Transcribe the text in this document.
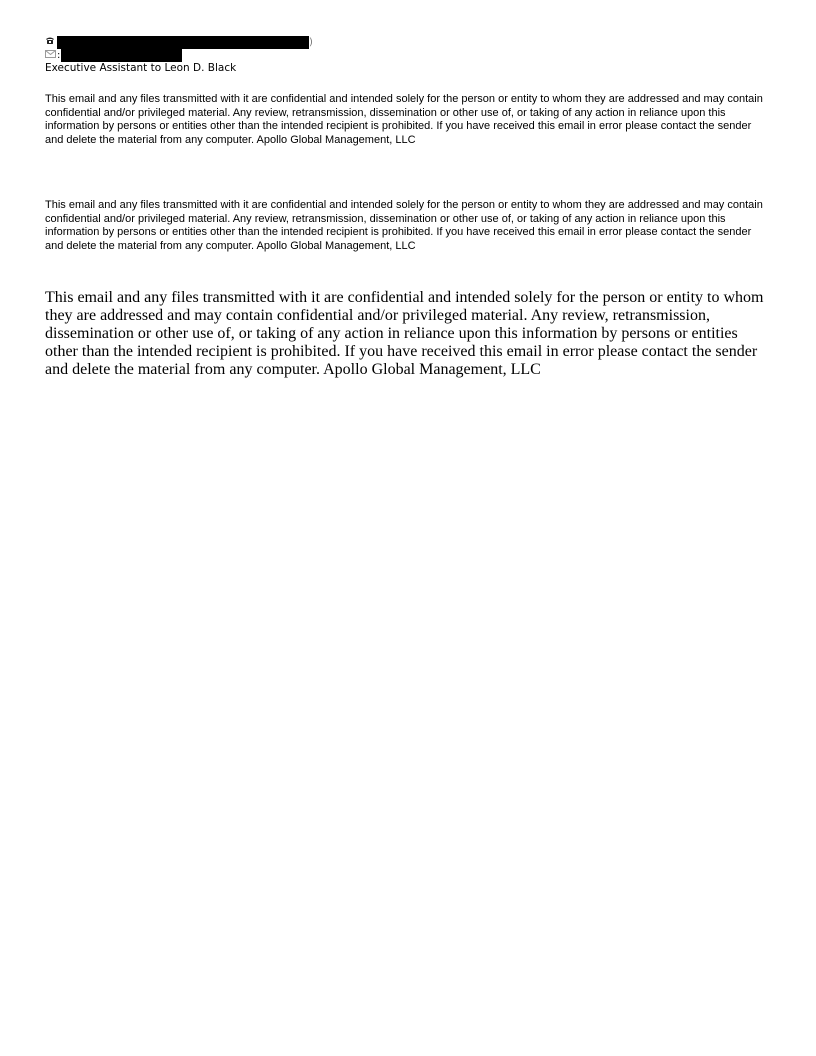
)
:
Executive Assistant to Leon D. Black

This email and any files transmitted with it are confidential and intended solely for the person or entity to whom they are addressed and may contain confidential and/or privileged material. Any review, retransmission, dissemination or other use of, or taking of any action in reliance upon this information by persons or entities other than the intended recipient is prohibited. If you have received this email in error please contact the sender and delete the material from any computer. Apollo Global Management, LLC

This email and any files transmitted with it are confidential and intended solely for the person or entity to whom they are addressed and may contain confidential and/or privileged material. Any review, retransmission, dissemination or other use of, or taking of any action in reliance upon this information by persons or entities other than the intended recipient is prohibited. If you have received this email in error please contact the sender and delete the material from any computer. Apollo Global Management, LLC

This email and any files transmitted with it are confidential and intended solely for the person or entity to whom they are addressed and may contain confidential and/or privileged material. Any review, retransmission, dissemination or other use of, or taking of any action in reliance upon this information by persons or entities other than the intended recipient is prohibited. If you have received this email in error please contact the sender and delete the material from any computer. Apollo Global Management, LLC
